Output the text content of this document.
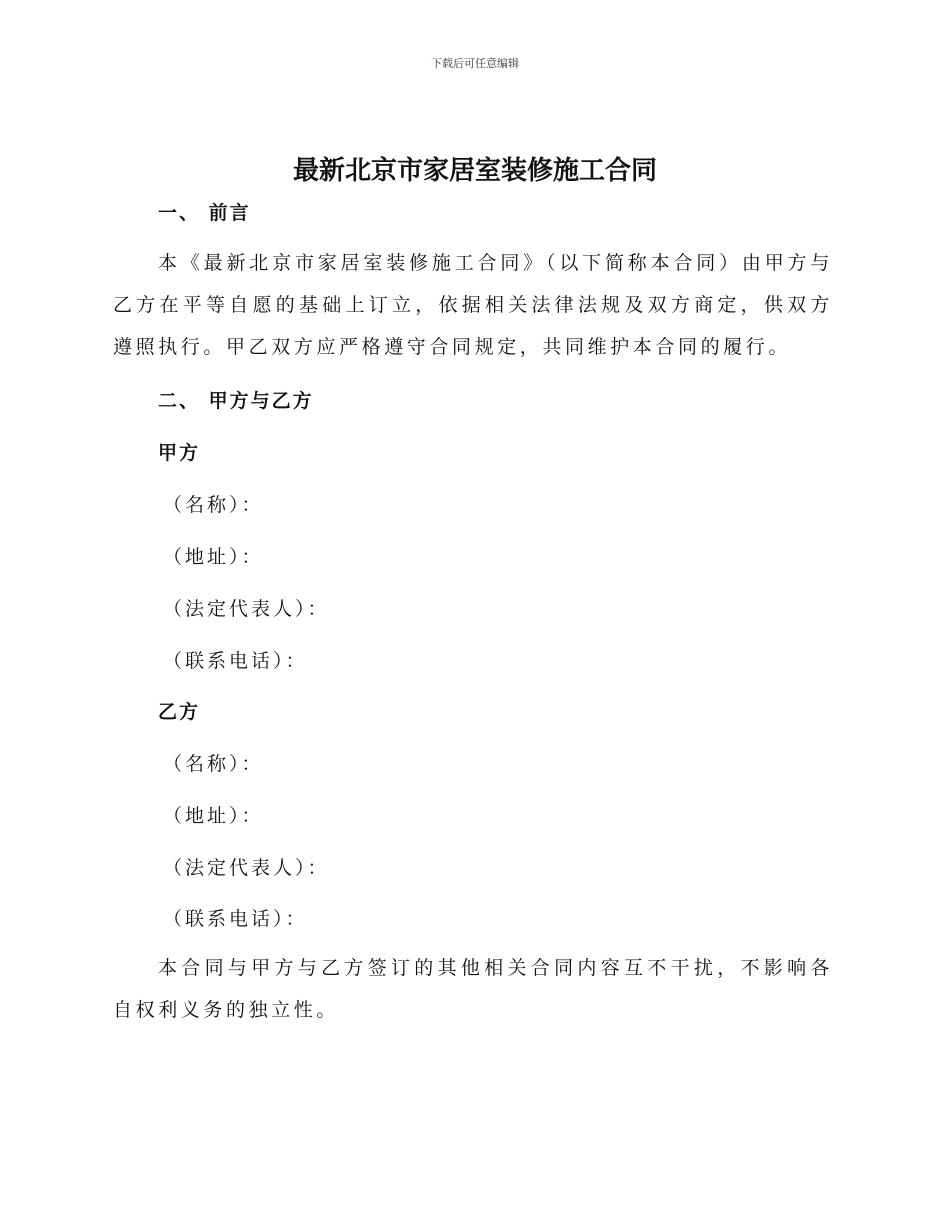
下载后可任意编辑
最新北京市家居室装修施工合同
一、 前言
本《最新北京市家居室装修施工合同》（以下简称本合同）由甲方与乙方在平等自愿的基础上订立，依据相关法律法规及双方商定，供双方遵照执行。甲乙双方应严格遵守合同规定，共同维护本合同的履行。
二、 甲方与乙方
甲方
（名称）：
（地址）：
（法定代表人）：
（联系电话）：
乙方
（名称）：
（地址）：
（法定代表人）：
（联系电话）：
本合同与甲方与乙方签订的其他相关合同内容互不干扰，不影响各自权利义务的独立性。
